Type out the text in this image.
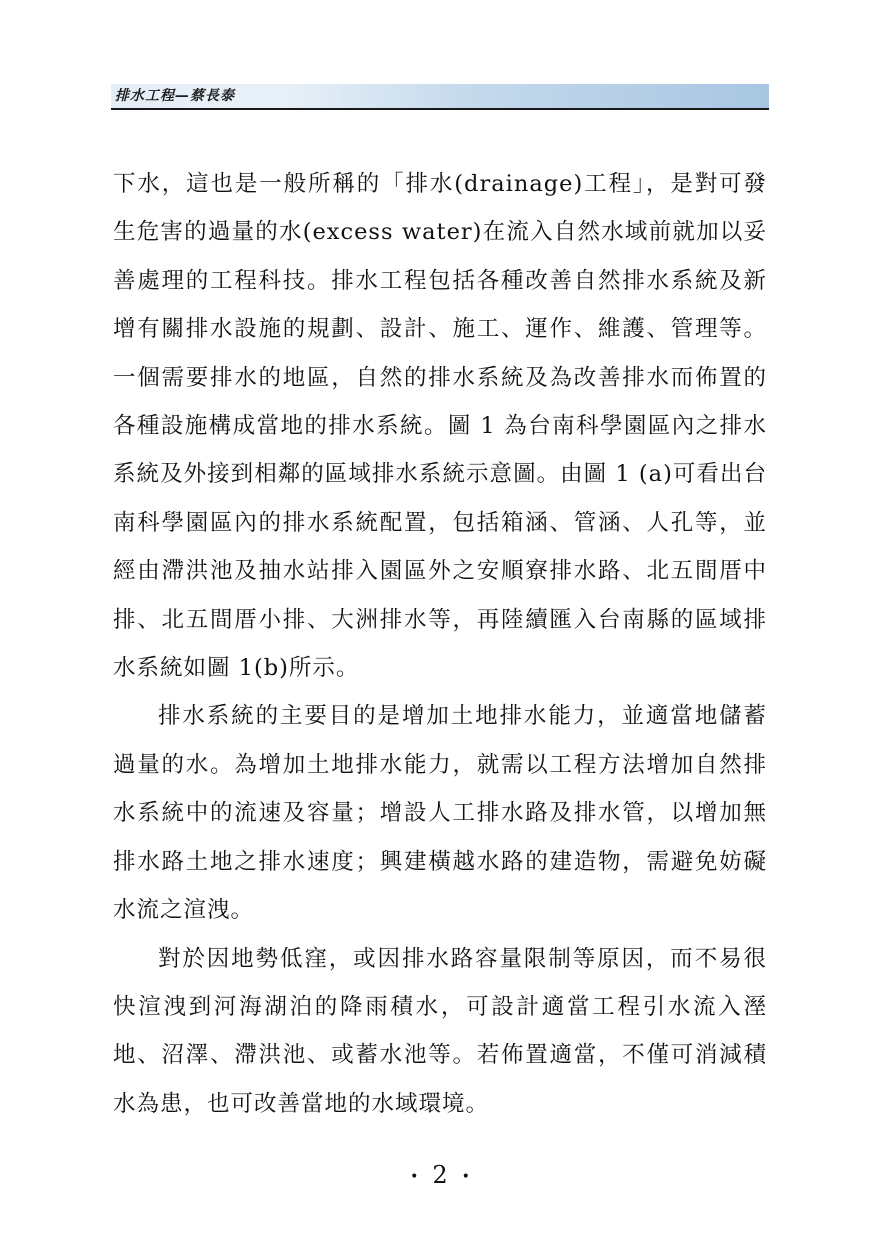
排水工程—蔡長泰

下水，這也是一般所稱的「排水(drainage)工程」，是對可發生危害的過量的水(excess water)在流入自然水域前就加以妥善處理的工程科技。排水工程包括各種改善自然排水系統及新增有關排水設施的規劃、設計、施工、運作、維護、管理等。一個需要排水的地區，自然的排水系統及為改善排水而佈置的各種設施構成當地的排水系統。圖 1 為台南科學園區內之排水系統及外接到相鄰的區域排水系統示意圖。由圖 1 (a)可看出台南科學園區內的排水系統配置，包括箱涵、管涵、人孔等，並經由滯洪池及抽水站排入園區外之安順寮排水路、北五間厝中排、北五間厝小排、大洲排水等，再陸續匯入台南縣的區域排水系統如圖 1(b)所示。

排水系統的主要目的是增加土地排水能力，並適當地儲蓄過量的水。為增加土地排水能力，就需以工程方法增加自然排水系統中的流速及容量；增設人工排水路及排水管，以增加無排水路土地之排水速度；興建橫越水路的建造物，需避免妨礙水流之渲洩。

對於因地勢低窪，或因排水路容量限制等原因，而不易很快渲洩到河海湖泊的降雨積水，可設計適當工程引水流入溼地、沼澤、滯洪池、或蓄水池等。若佈置適當，不僅可消減積水為患，也可改善當地的水域環境。

• 2 •
